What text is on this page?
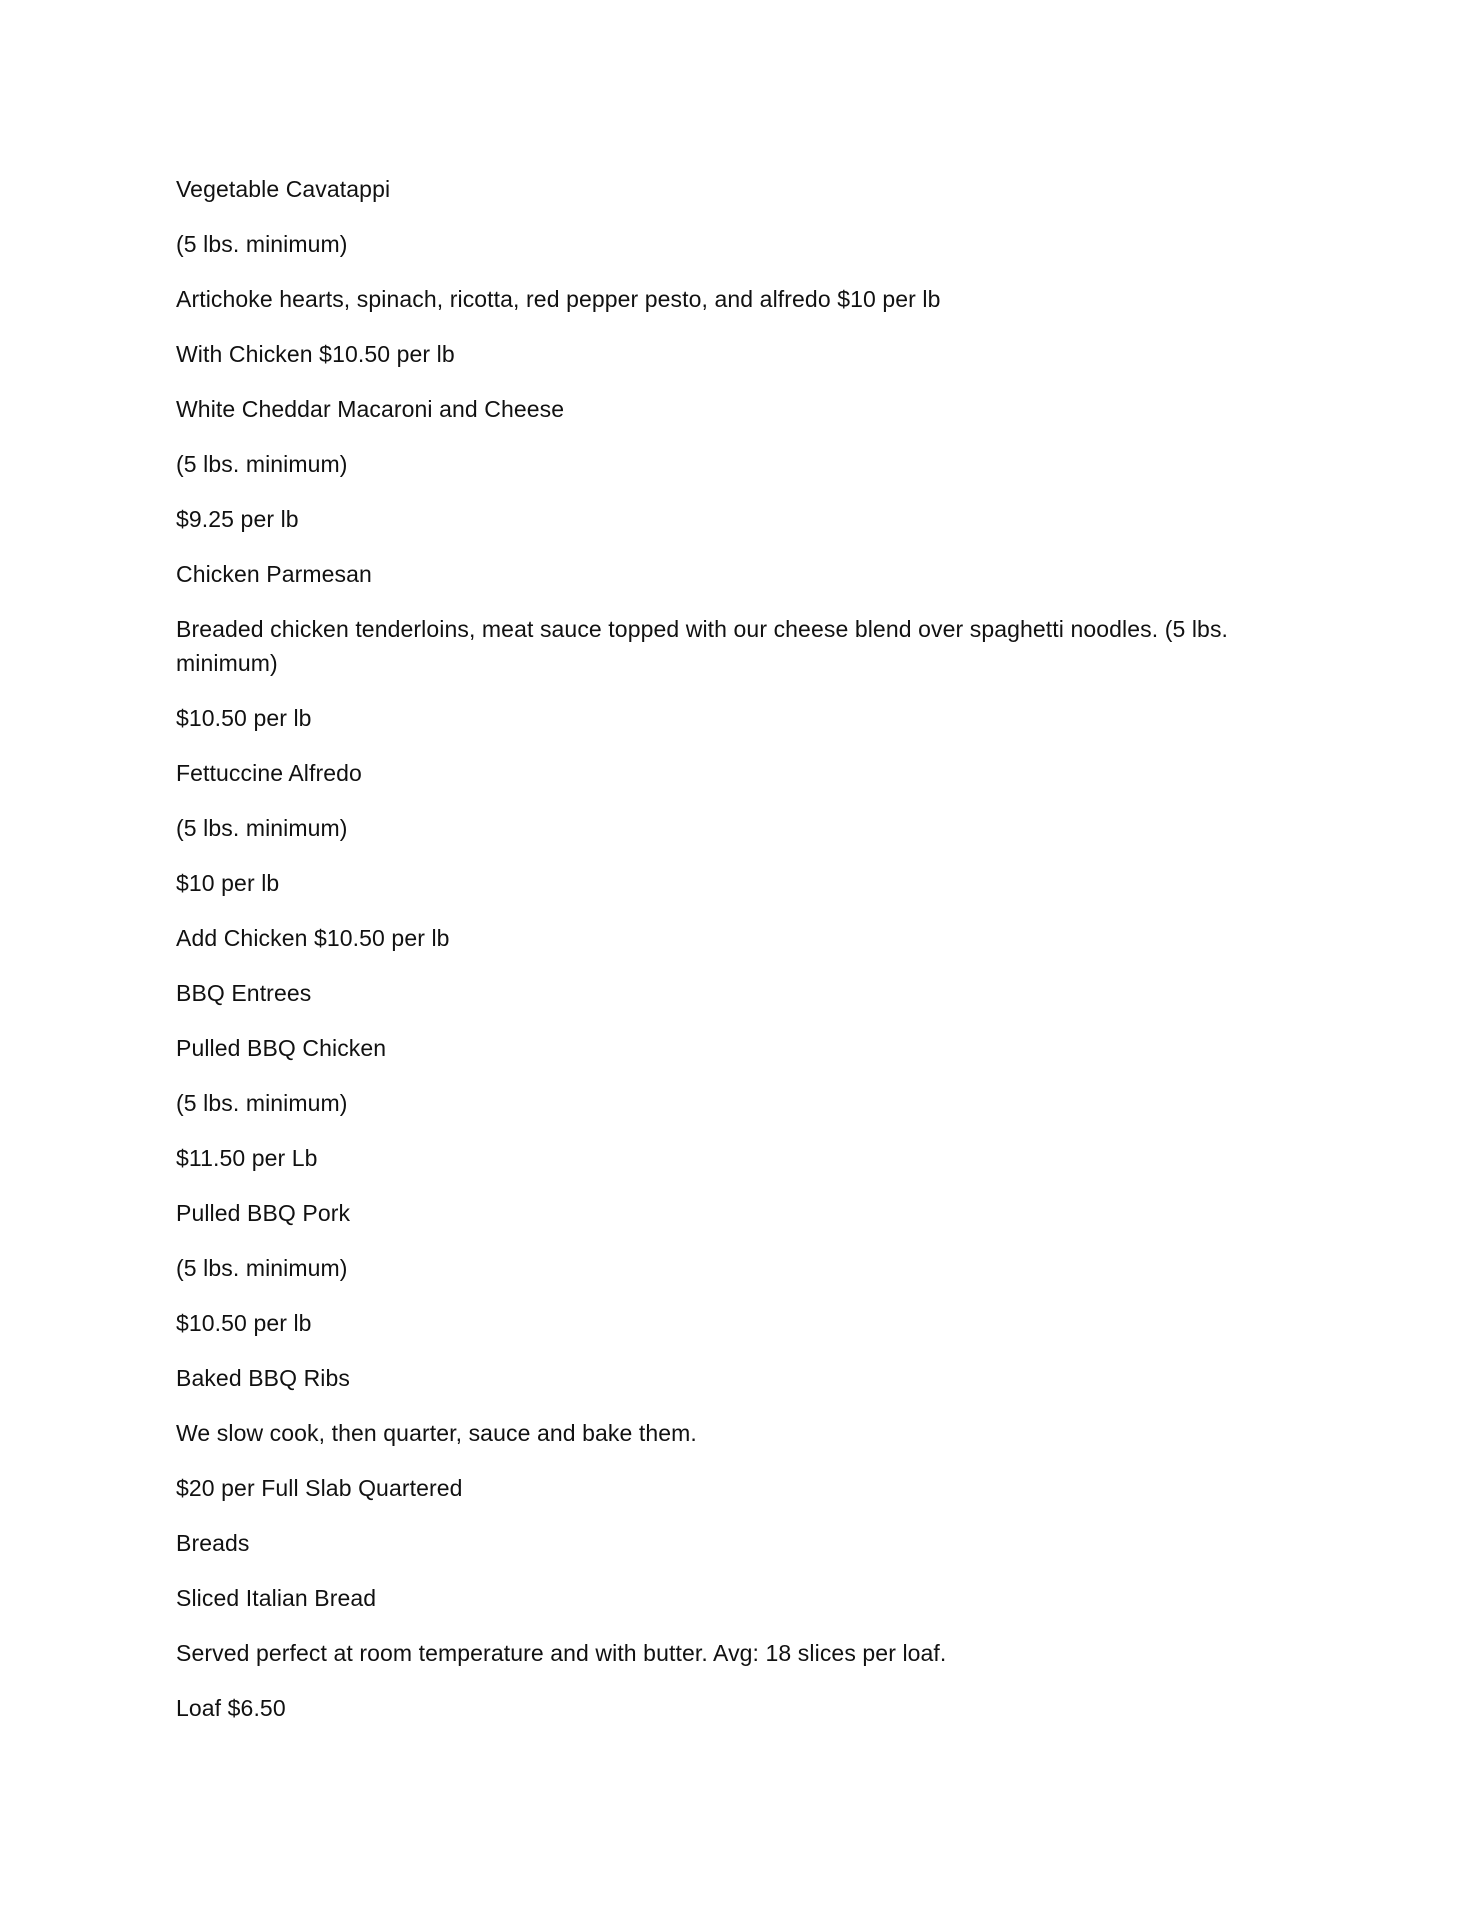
Vegetable Cavatappi

(5 lbs. minimum)

Artichoke hearts, spinach, ricotta, red pepper pesto, and alfredo $10 per lb

With Chicken $10.50 per lb

White Cheddar Macaroni and Cheese

(5 lbs. minimum)

$9.25 per lb

Chicken Parmesan

Breaded chicken tenderloins, meat sauce topped with our cheese blend over spaghetti noodles. (5 lbs. minimum)

$10.50 per lb

Fettuccine Alfredo

(5 lbs. minimum)

$10 per lb

Add Chicken $10.50 per lb

BBQ Entrees

Pulled BBQ Chicken

(5 lbs. minimum)

$11.50 per Lb

Pulled BBQ Pork

(5 lbs. minimum)

$10.50 per lb

Baked BBQ Ribs

We slow cook, then quarter, sauce and bake them.

$20 per Full Slab Quartered

Breads

Sliced Italian Bread

Served perfect at room temperature and with butter. Avg: 18 slices per loaf.

Loaf $6.50
